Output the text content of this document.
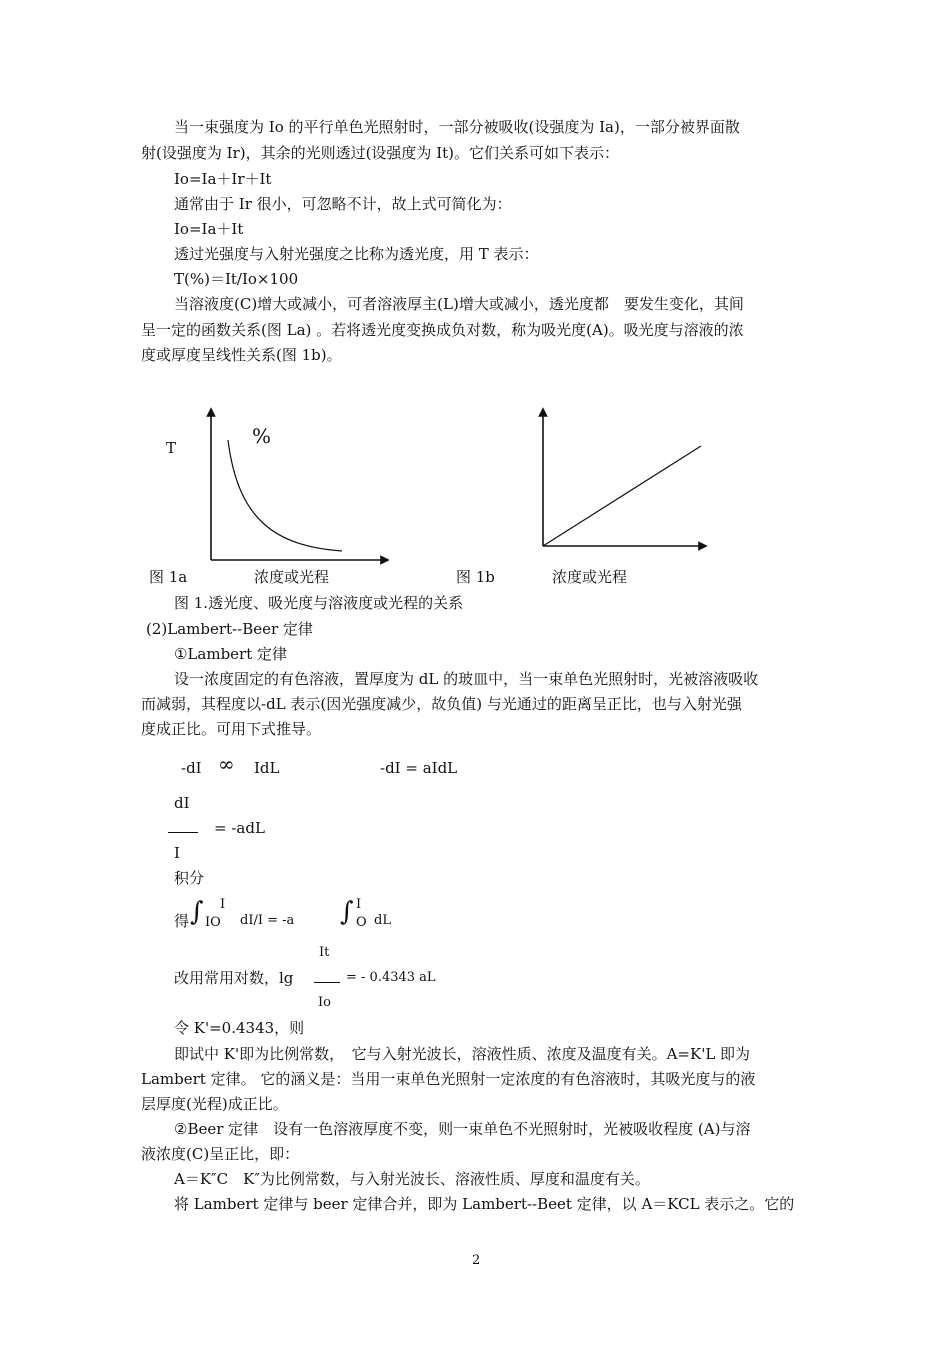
当一束强度为 Io 的平行单色光照射时，一部分被吸收(设强度为 Ia)，一部分被界面散
射(设强度为 Ir)，其余的光则透过(设强度为 It)。它们关系可如下表示：
Io=Ia＋Ir＋It
通常由于 Ir 很小，可忽略不计，故上式可简化为：
Io=Ia＋It
透过光强度与入射光强度之比称为透光度，用 T 表示：
T(%)＝It/Io×100
当溶液度(C)增大或减小，可者溶液厚主(L)增大或减小，透光度都　要发生变化，其间
呈一定的函数关系(图 La) 。若将透光度变换成负对数，称为吸光度(A)。吸光度与溶液的浓
度或厚度呈线性关系(图 1b)。
T	%
图 1a	浓度或光程	图 1b	浓度或光程
图 1.透光度、吸光度与溶液度或光程的关系
(2)Lambert--Beer 定律
①Lambert 定律
设一浓度固定的有色溶液，置厚度为 dL 的玻皿中，当一束单色光照射时，光被溶液吸收
而减弱，其程度以-dL 表示(因光强度减少，故负值) 与光通过的距离呈正比，也与入射光强
度成正比。可用下式推导。
-dI ∞ IdL	-dI = aIdL
dI
= -adL
I
积分
得 ∫ IO
I
dI/I = -a ∫ O
I
dL
It
改用常用对数，lg	= - 0.4343 aL
Io
令 K'=0.4343，则
即试中 K'即为比例常数，　它与入射光波长，溶液性质、浓度及温度有关。A=K'L 即为
Lambert 定律。 它的涵义是：当用一束单色光照射一定浓度的有色溶液时，其吸光度与的液
层厚度(光程)成正比。
②Beer 定律　设有一色溶液厚度不变，则一束单色不光照射时，光被吸收程度 (A)与溶
液浓度(C)呈正比，即：
A＝K″C　K″为比例常数，与入射光波长、溶液性质、厚度和温度有关。
将 Lambert 定律与 beer 定律合并，即为 Lambert--Beet 定律，以 A＝KCL 表示之。它的
2
